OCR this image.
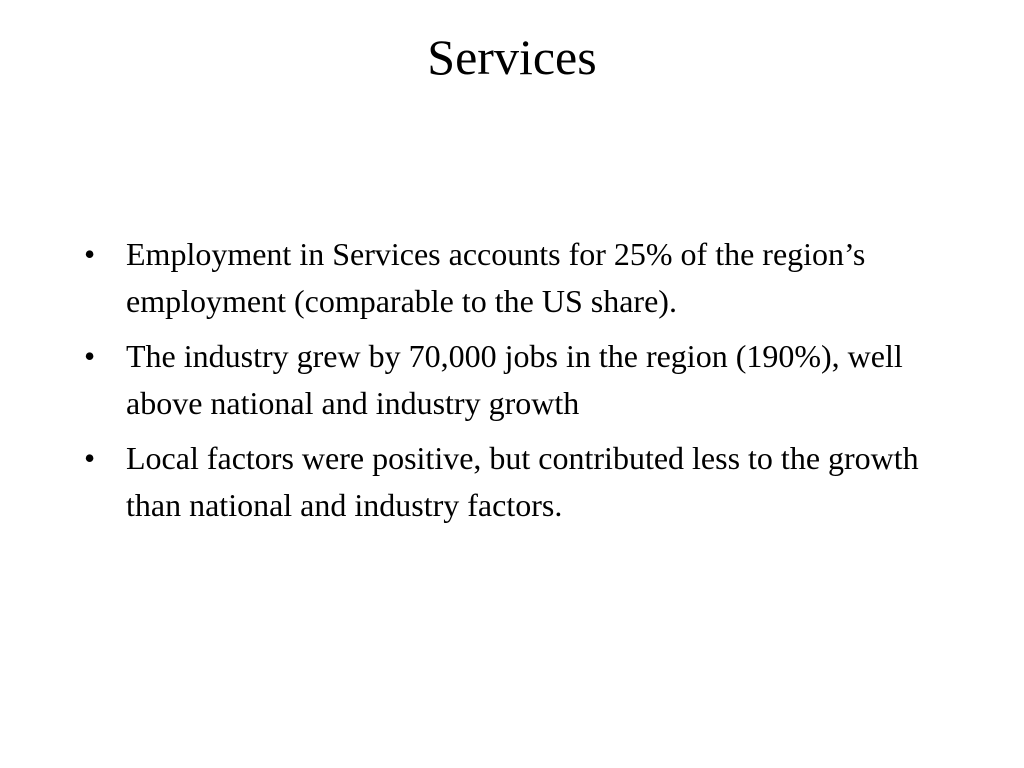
Services
• Employment in Services accounts for 25% of the region’s employment (comparable to the US share).
• The industry grew by 70,000 jobs in the region (190%), well above national and industry growth
• Local factors were positive, but contributed less to the growth than national and industry factors.
